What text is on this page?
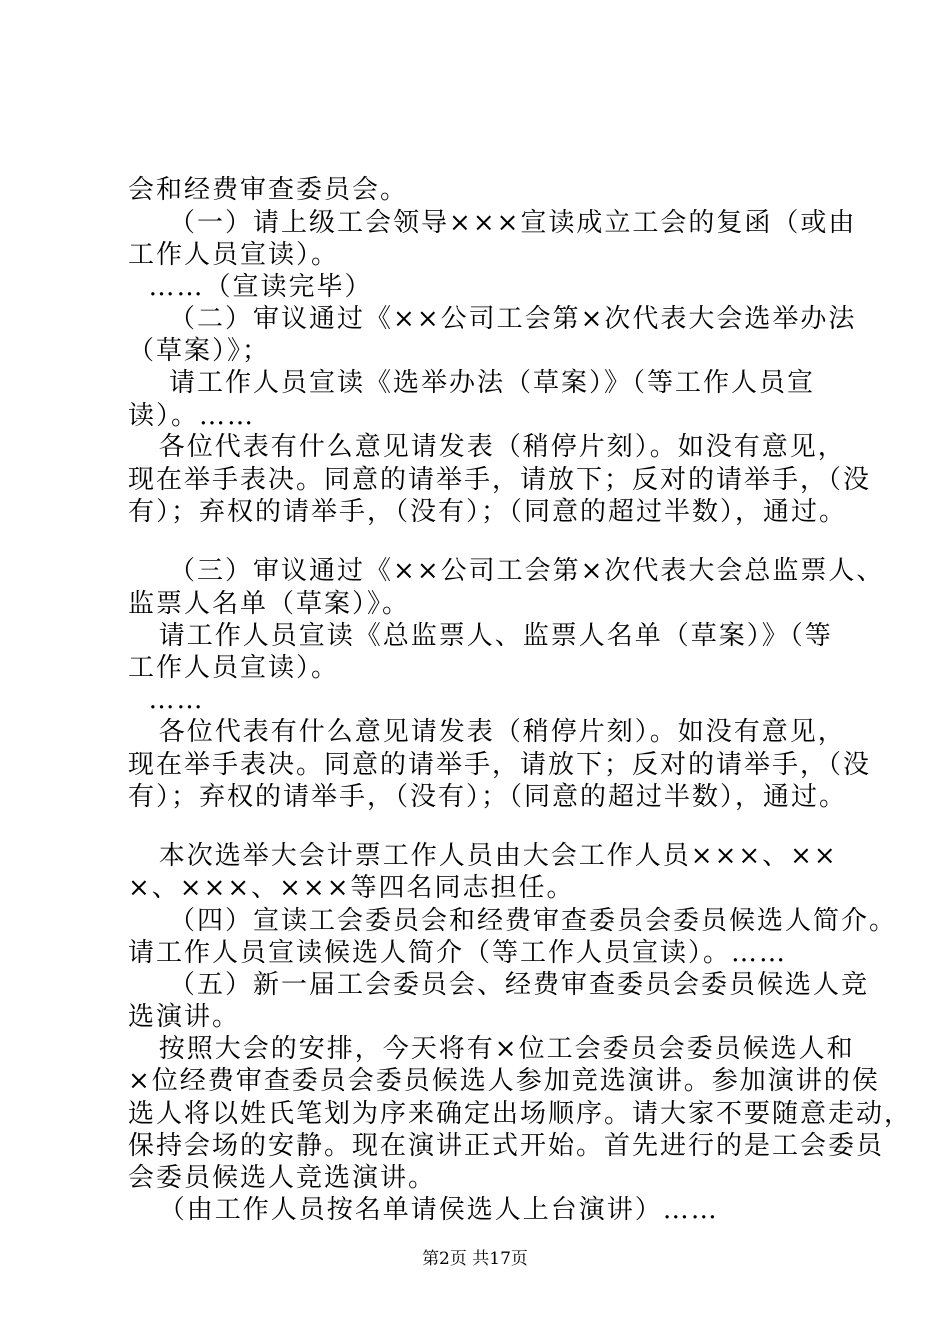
会和经费审查委员会。
（一）请上级工会领导×××宣读成立工会的复函（或由
工作人员宣读）。
……（宣读完毕）
（二）审议通过《××公司工会第×次代表大会选举办法
（草案）》；
请工作人员宣读《选举办法（草案）》（等工作人员宣
读）。……
各位代表有什么意见请发表（稍停片刻）。如没有意见，
现在举手表决。同意的请举手，请放下；反对的请举手，（没
有）；弃权的请举手，（没有）；（同意的超过半数），通过。
（三）审议通过《××公司工会第×次代表大会总监票人、
监票人名单（草案）》。
请工作人员宣读《总监票人、监票人名单（草案）》（等
工作人员宣读）。
……
各位代表有什么意见请发表（稍停片刻）。如没有意见，
现在举手表决。同意的请举手，请放下；反对的请举手，（没
有）；弃权的请举手，（没有）；（同意的超过半数），通过。
本次选举大会计票工作人员由大会工作人员×××、××
×、×××、×××等四名同志担任。
（四）宣读工会委员会和经费审查委员会委员候选人简介。
请工作人员宣读候选人简介（等工作人员宣读）。……
（五）新一届工会委员会、经费审查委员会委员候选人竞
选演讲。
按照大会的安排，今天将有×位工会委员会委员候选人和
×位经费审查委员会委员候选人参加竞选演讲。参加演讲的侯
选人将以姓氏笔划为序来确定出场顺序。请大家不要随意走动，
保持会场的安静。现在演讲正式开始。首先进行的是工会委员
会委员候选人竞选演讲。
（由工作人员按名单请侯选人上台演讲）……
第2页 共17页
